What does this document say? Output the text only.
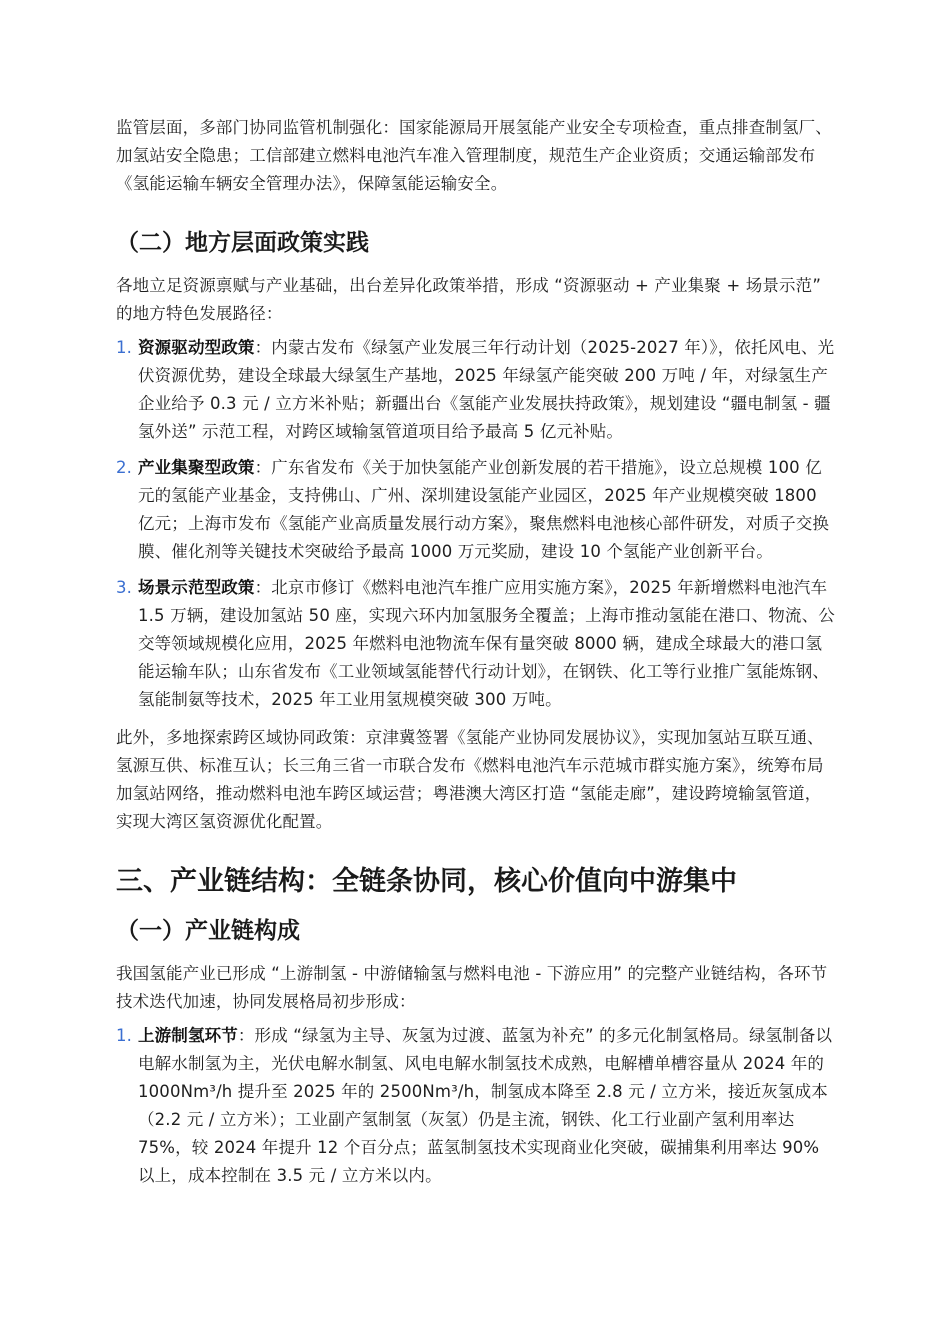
监管层面，多部门协同监管机制强化：国家能源局开展氢能产业安全专项检查，重点排查制氢厂、加氢站安全隐患；工信部建立燃料电池汽车准入管理制度，规范生产企业资质；交通运输部发布《氢能运输车辆安全管理办法》，保障氢能运输安全。

（二）地方层面政策实践

各地立足资源禀赋与产业基础，出台差异化政策举措，形成 “资源驱动 + 产业集聚 + 场景示范” 的地方特色发展路径：

1. 资源驱动型政策：内蒙古发布《绿氢产业发展三年行动计划（2025-2027 年）》，依托风电、光伏资源优势，建设全球最大绿氢生产基地，2025 年绿氢产能突破 200 万吨 / 年，对绿氢生产企业给予 0.3 元 / 立方米补贴；新疆出台《氢能产业发展扶持政策》，规划建设 “疆电制氢 - 疆氢外送” 示范工程，对跨区域输氢管道项目给予最高 5 亿元补贴。
2. 产业集聚型政策：广东省发布《关于加快氢能产业创新发展的若干措施》，设立总规模 100 亿元的氢能产业基金，支持佛山、广州、深圳建设氢能产业园区，2025 年产业规模突破 1800 亿元；上海市发布《氢能产业高质量发展行动方案》，聚焦燃料电池核心部件研发，对质子交换膜、催化剂等关键技术突破给予最高 1000 万元奖励，建设 10 个氢能产业创新平台。
3. 场景示范型政策：北京市修订《燃料电池汽车推广应用实施方案》，2025 年新增燃料电池汽车 1.5 万辆，建设加氢站 50 座，实现六环内加氢服务全覆盖；上海市推动氢能在港口、物流、公交等领域规模化应用，2025 年燃料电池物流车保有量突破 8000 辆，建成全球最大的港口氢能运输车队；山东省发布《工业领域氢能替代行动计划》，在钢铁、化工等行业推广氢能炼钢、氢能制氨等技术，2025 年工业用氢规模突破 300 万吨。

此外，多地探索跨区域协同政策：京津冀签署《氢能产业协同发展协议》，实现加氢站互联互通、氢源互供、标准互认；长三角三省一市联合发布《燃料电池汽车示范城市群实施方案》，统筹布局加氢站网络，推动燃料电池车跨区域运营；粤港澳大湾区打造 “氢能走廊”，建设跨境输氢管道，实现大湾区氢资源优化配置。

三、产业链结构：全链条协同，核心价值向中游集中
（一）产业链构成

我国氢能产业已形成 “上游制氢 - 中游储输氢与燃料电池 - 下游应用” 的完整产业链结构，各环节技术迭代加速，协同发展格局初步形成：

1. 上游制氢环节：形成 “绿氢为主导、灰氢为过渡、蓝氢为补充” 的多元化制氢格局。绿氢制备以电解水制氢为主，光伏电解水制氢、风电电解水制氢技术成熟，电解槽单槽容量从 2024 年的 1000Nm³/h 提升至 2025 年的 2500Nm³/h，制氢成本降至 2.8 元 / 立方米，接近灰氢成本（2.2 元 / 立方米）；工业副产氢制氢（灰氢）仍是主流，钢铁、化工行业副产氢利用率达 75%，较 2024 年提升 12 个百分点；蓝氢制氢技术实现商业化突破，碳捕集利用率达 90% 以上，成本控制在 3.5 元 / 立方米以内。
